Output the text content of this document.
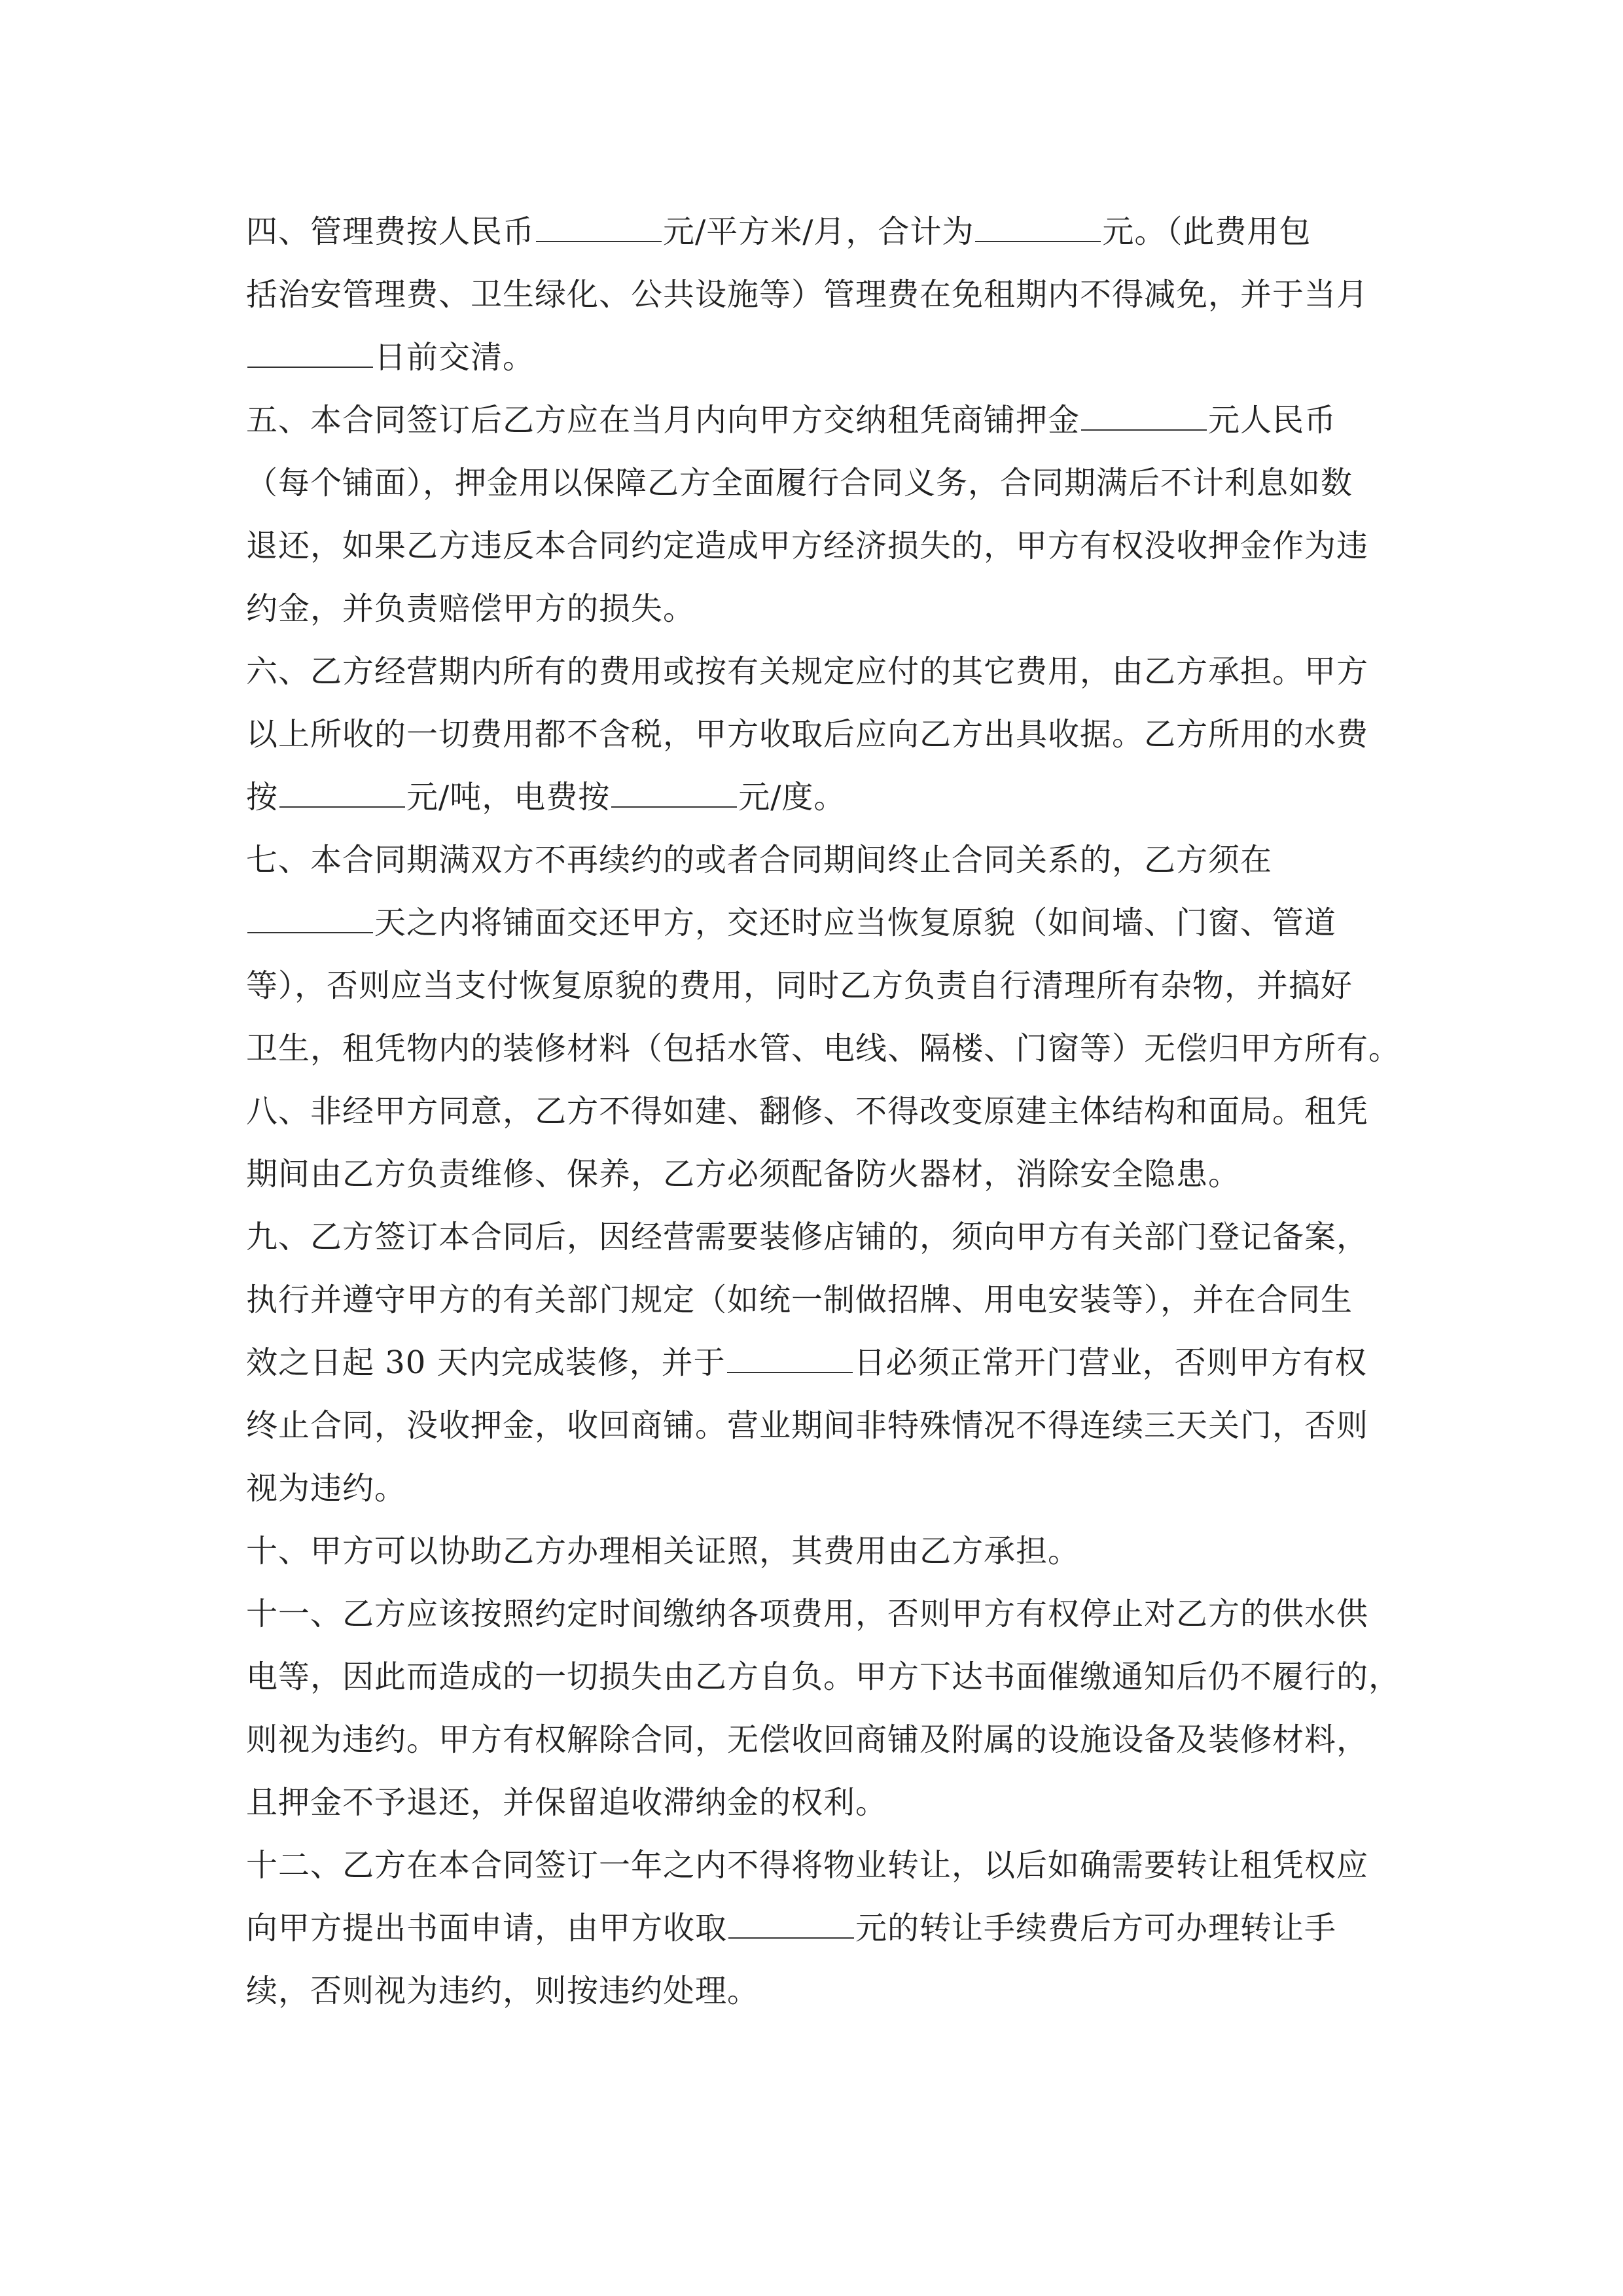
四、管理费按人民币	元/平方米/月，合计为	元。（此费用包
括治安管理费、卫生绿化、公共设施等）管理费在免租期内不得减免，并于当月
日前交清。
五、本合同签订后乙方应在当月内向甲方交纳租凭商铺押金	元人民币
（每个铺面），押金用以保障乙方全面履行合同义务，合同期满后不计利息如数
退还，如果乙方违反本合同约定造成甲方经济损失的，甲方有权没收押金作为违
约金，并负责赔偿甲方的损失。
六、乙方经营期内所有的费用或按有关规定应付的其它费用，由乙方承担。甲方
以上所收的一切费用都不含税，甲方收取后应向乙方出具收据。乙方所用的水费
按	元/吨，电费按	元/度。
七、本合同期满双方不再续约的或者合同期间终止合同关系的，乙方须在
天之内将铺面交还甲方，交还时应当恢复原貌（如间墙、门窗、管道
等），否则应当支付恢复原貌的费用，同时乙方负责自行清理所有杂物，并搞好
卫生，租凭物内的装修材料（包括水管、电线、隔楼、门窗等）无偿归甲方所有。
八、非经甲方同意，乙方不得如建、翻修、不得改变原建主体结构和面局。租凭
期间由乙方负责维修、保养，乙方必须配备防火器材，消除安全隐患。
九、乙方签订本合同后，因经营需要装修店铺的，须向甲方有关部门登记备案，
执行并遵守甲方的有关部门规定（如统一制做招牌、用电安装等），并在合同生
效之日起 30 天内完成装修，并于	日必须正常开门营业，否则甲方有权
终止合同，没收押金，收回商铺。营业期间非特殊情况不得连续三天关门，否则
视为违约。
十、甲方可以协助乙方办理相关证照，其费用由乙方承担。
十一、乙方应该按照约定时间缴纳各项费用，否则甲方有权停止对乙方的供水供
电等，因此而造成的一切损失由乙方自负。甲方下达书面催缴通知后仍不履行的，
则视为违约。甲方有权解除合同，无偿收回商铺及附属的设施设备及装修材料，
且押金不予退还，并保留追收滞纳金的权利。
十二、乙方在本合同签订一年之内不得将物业转让，以后如确需要转让租凭权应
向甲方提出书面申请，由甲方收取	元的转让手续费后方可办理转让手
续，否则视为违约，则按违约处理。
